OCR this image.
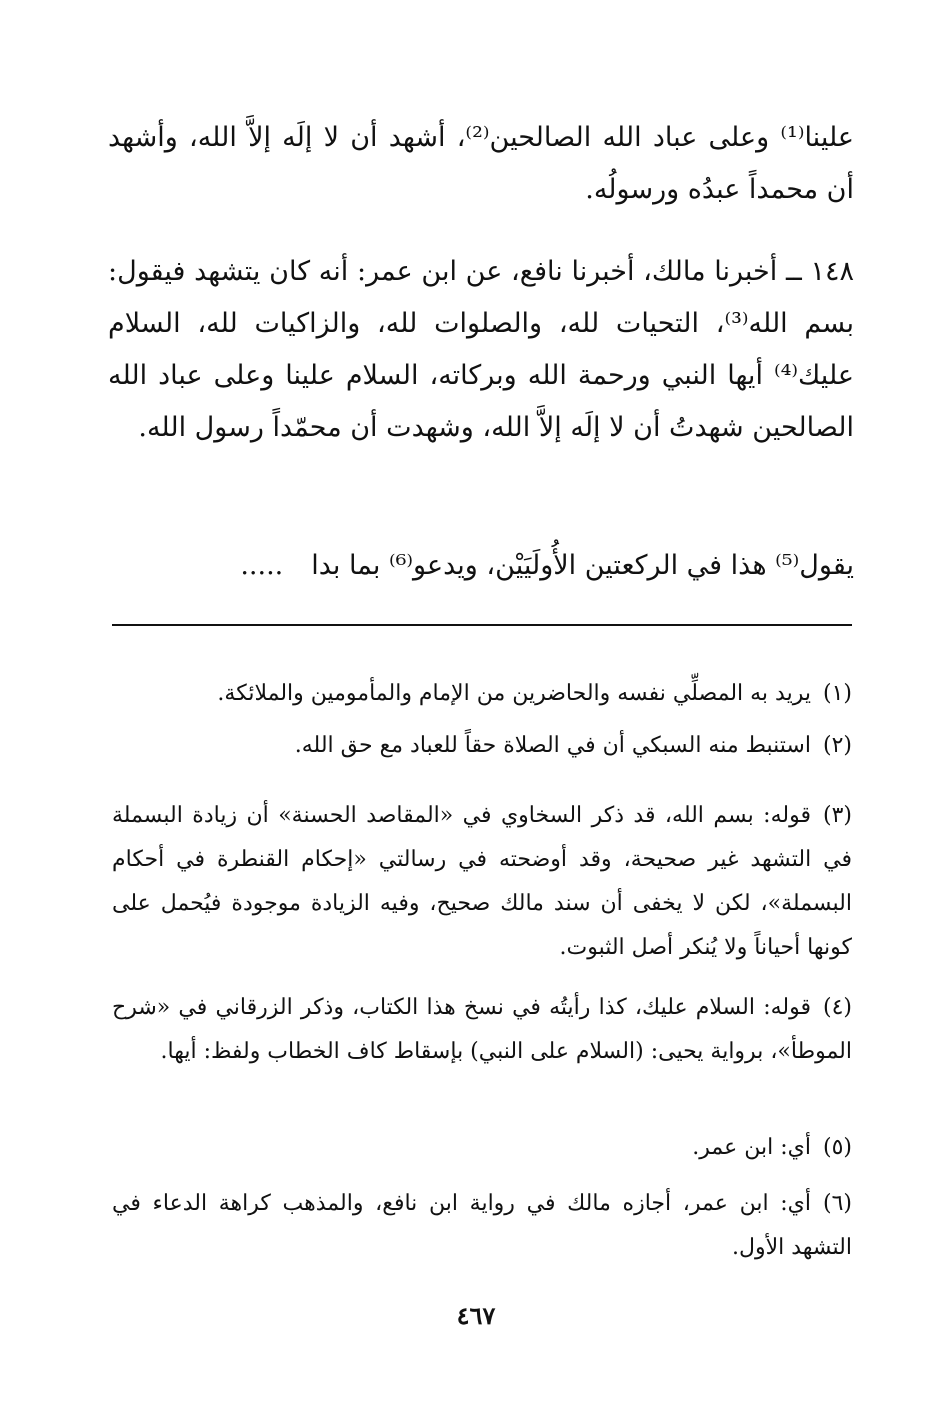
علينا⁽¹⁾ وعلى عباد الله الصالحين⁽²⁾، أشهد أن لا إلَه إلاَّ الله، وأشهد أن محمداً عبدُه ورسولُه.

١٤٨ ــ أخبرنا مالك، أخبرنا نافع، عن ابن عمر: أنه كان يتشهد فيقول: بسم الله⁽³⁾، التحيات لله، والصلوات لله، والزاكيات لله، السلام عليك⁽⁴⁾ أيها النبي ورحمة الله وبركاته، السلام علينا وعلى عباد الله الصالحين شهدتُ أن لا إلَه إلاَّ الله، وشهدت أن محمّداً رسول الله.

يقول⁽⁵⁾ هذا في الركعتين الأُولَيَيْن، ويدعو⁽⁶⁾ بما بدا.....

(١)يريد به المصلِّي نفسه والحاضرين من الإمام والمأمومين والملائكة.

(٢)استنبط منه السبكي أن في الصلاة حقاً للعباد مع حق الله.

(٣)قوله: بسم الله، قد ذكر السخاوي في «المقاصد الحسنة» أن زيادة البسملة في التشهد غير صحيحة، وقد أوضحته في رسالتي «إحكام القنطرة في أحكام البسملة»، لكن لا يخفى أن سند مالك صحيح، وفيه الزيادة موجودة فيُحمل على كونها أحياناً ولا يُنكر أصل الثبوت.

(٤)قوله: السلام عليك، كذا رأيتُه في نسخ هذا الكتاب، وذكر الزرقاني في «شرح الموطأ»، برواية يحيى: (السلام على النبي) بإسقاط كاف الخطاب ولفظ: أيها.

(٥)أي: ابن عمر.

(٦)أي: ابن عمر، أجازه مالك في رواية ابن نافع، والمذهب كراهة الدعاء في التشهد الأول.

٤٦٧
